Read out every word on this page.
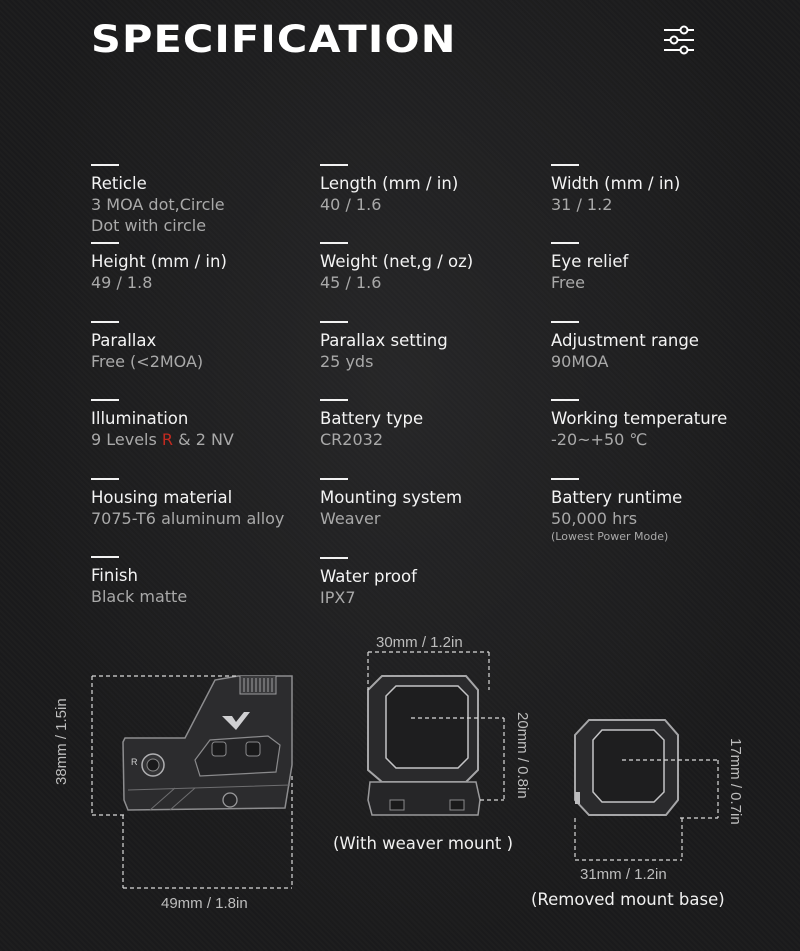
SPECIFICATION
Reticle
3 MOA dot,Circle
Dot with circle
Length (mm / in)
40 / 1.6
Width (mm / in)
31 / 1.2
Height (mm / in)
49 / 1.8
Weight (net,g / oz)
45 / 1.6
Eye relief
Free
Parallax
Free (<2MOA)
Parallax setting
25 yds
Adjustment range
90MOA
Illumination
9 Levels R & 2 NV
Battery type
CR2032
Working temperature
-20~+50 ℃
Housing material
7075-T6 aluminum alloy
Mounting system
Weaver
Battery runtime
50,000 hrs
(Lowest Power Mode)
Finish
Black matte
Water proof
IPX7
R
38mm / 1.5in
49mm / 1.8in
30mm / 1.2in
20mm / 0.8in
31mm / 1.2in
17mm / 0.7in
(With weaver mount )
(Removed mount base)
